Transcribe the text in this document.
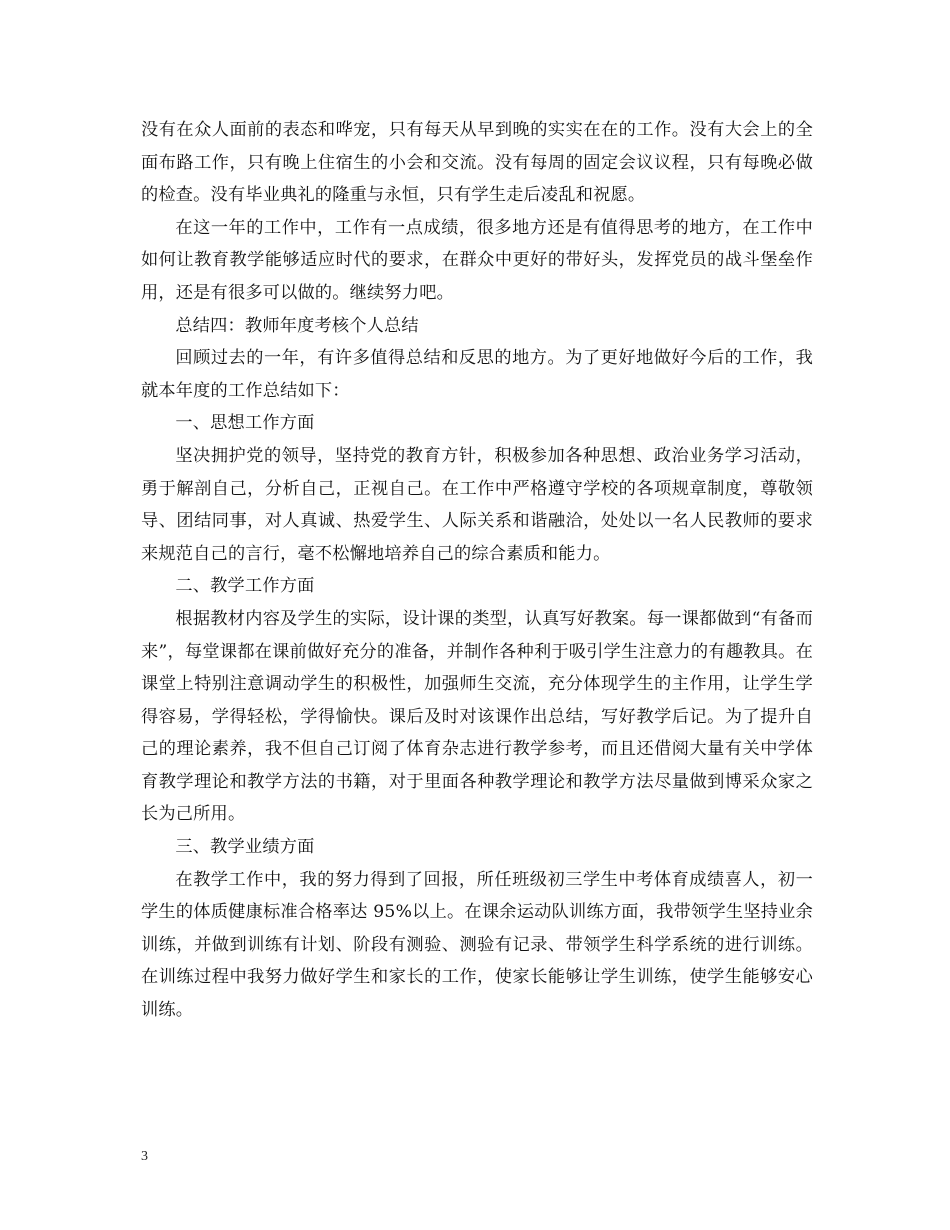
没有在众人面前的表态和哗宠，只有每天从早到晚的实实在在的工作。没有大会上的全面布路工作，只有晚上住宿生的小会和交流。没有每周的固定会议议程，只有每晚必做的检查。没有毕业典礼的隆重与永恒，只有学生走后凌乱和祝愿。

在这一年的工作中，工作有一点成绩，很多地方还是有值得思考的地方，在工作中如何让教育教学能够适应时代的要求，在群众中更好的带好头，发挥党员的战斗堡垒作用，还是有很多可以做的。继续努力吧。

总结四：教师年度考核个人总结

回顾过去的一年，有许多值得总结和反思的地方。为了更好地做好今后的工作，我就本年度的工作总结如下：

一、思想工作方面

坚决拥护党的领导，坚持党的教育方针，积极参加各种思想、政治业务学习活动，勇于解剖自己，分析自己，正视自己。在工作中严格遵守学校的各项规章制度，尊敬领导、团结同事，对人真诚、热爱学生、人际关系和谐融洽，处处以一名人民教师的要求来规范自己的言行，毫不松懈地培养自己的综合素质和能力。

二、教学工作方面

根据教材内容及学生的实际，设计课的类型，认真写好教案。每一课都做到“有备而来”，每堂课都在课前做好充分的准备，并制作各种利于吸引学生注意力的有趣教具。在课堂上特别注意调动学生的积极性，加强师生交流，充分体现学生的主作用，让学生学得容易，学得轻松，学得愉快。课后及时对该课作出总结，写好教学后记。为了提升自己的理论素养，我不但自己订阅了体育杂志进行教学参考，而且还借阅大量有关中学体育教学理论和教学方法的书籍，对于里面各种教学理论和教学方法尽量做到博采众家之长为己所用。

三、教学业绩方面

在教学工作中，我的努力得到了回报，所任班级初三学生中考体育成绩喜人，初一学生的体质健康标准合格率达 95%以上。在课余运动队训练方面，我带领学生坚持业余训练，并做到训练有计划、阶段有测验、测验有记录、带领学生科学系统的进行训练。在训练过程中我努力做好学生和家长的工作，使家长能够让学生训练，使学生能够安心训练。

3
